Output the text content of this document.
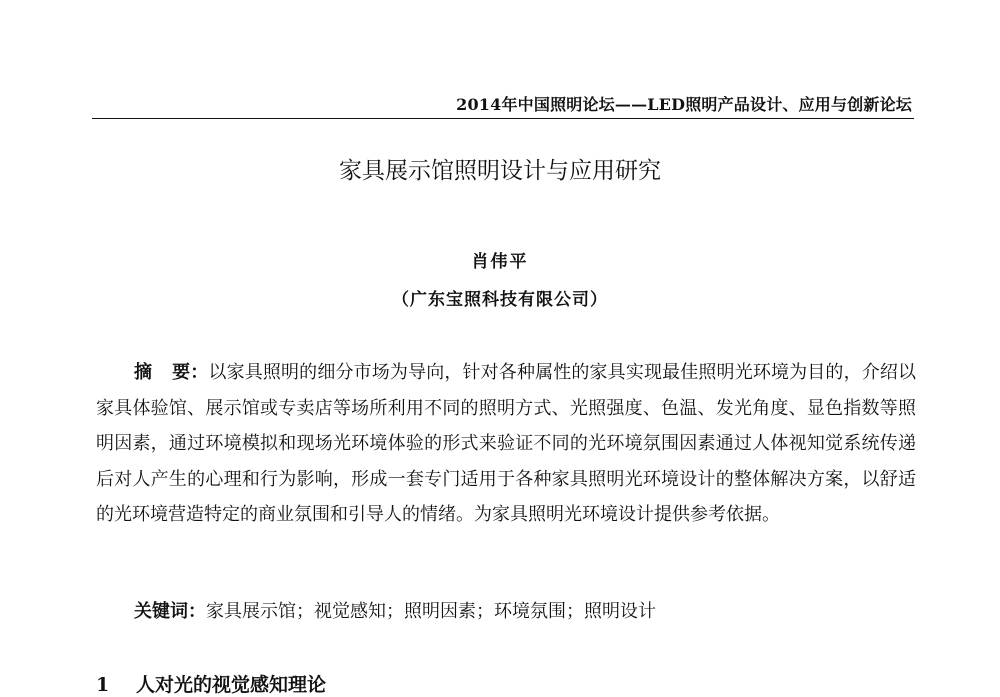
2014年中国照明论坛——LED照明产品设计、应用与创新论坛
家具展示馆照明设计与应用研究
肖伟平
（广东宝照科技有限公司）
摘要：以家具照明的细分市场为导向，针对各种属性的家具实现最佳照明光环境为目的，介绍以家具体验馆、展示馆或专卖店等场所利用不同的照明方式、光照强度、色温、发光角度、显色指数等照明因素，通过环境模拟和现场光环境体验的形式来验证不同的光环境氛围因素通过人体视知觉系统传递后对人产生的心理和行为影响，形成一套专门适用于各种家具照明光环境设计的整体解决方案，以舒适的光环境营造特定的商业氛围和引导人的情绪。为家具照明光环境设计提供参考依据。
关键词：家具展示馆；视觉感知；照明因素；环境氛围；照明设计
1 人对光的视觉感知理论
